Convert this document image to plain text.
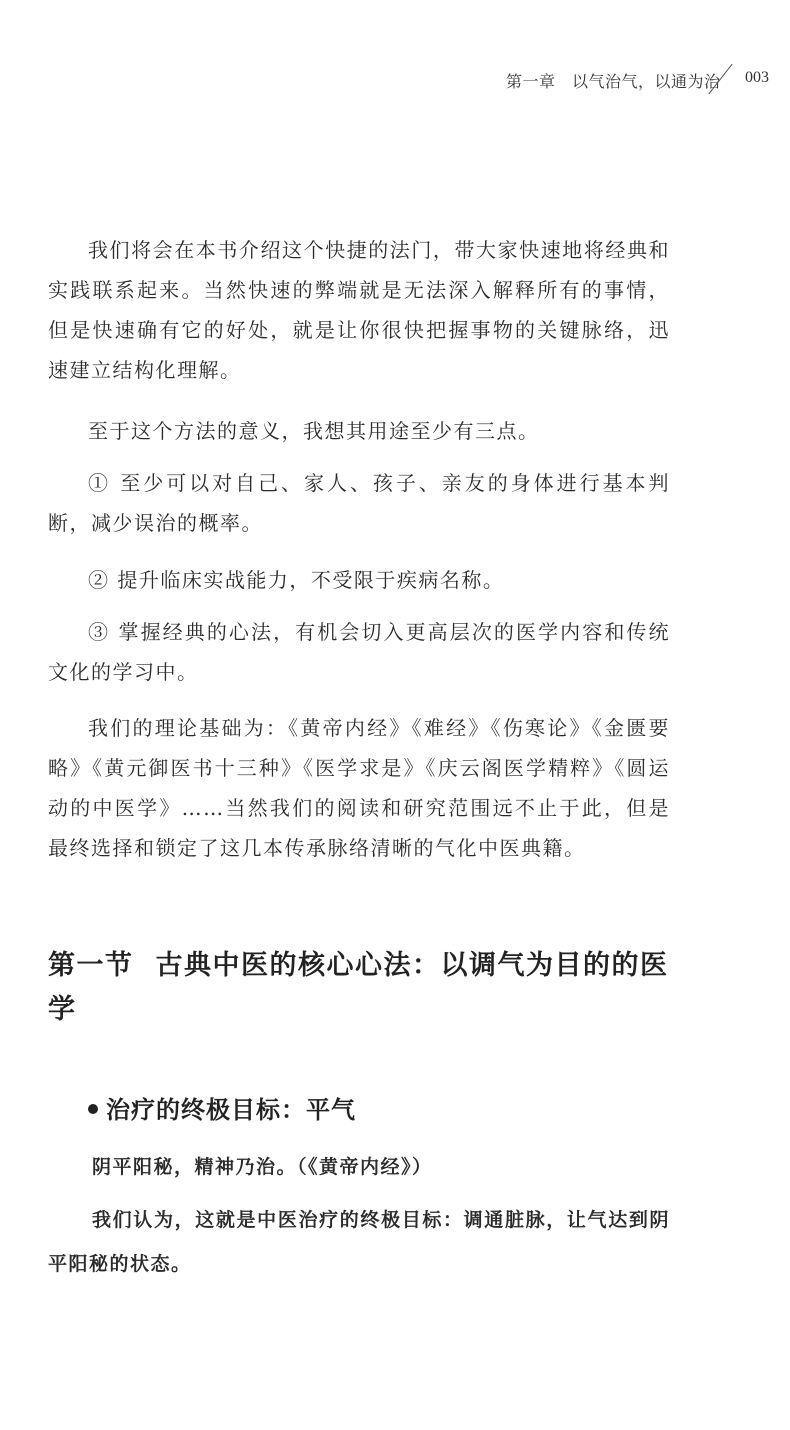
第一章　以气治气，以通为治 003

我们将会在本书介绍这个快捷的法门，带大家快速地将经典和实践联系起来。当然快速的弊端就是无法深入解释所有的事情，但是快速确有它的好处，就是让你很快把握事物的关键脉络，迅速建立结构化理解。

至于这个方法的意义，我想其用途至少有三点。

① 至少可以对自己、家人、孩子、亲友的身体进行基本判断，减少误治的概率。

② 提升临床实战能力，不受限于疾病名称。

③ 掌握经典的心法，有机会切入更高层次的医学内容和传统文化的学习中。

我们的理论基础为：《黄帝内经》《难经》《伤寒论》《金匮要略》《黄元御医书十三种》《医学求是》《庆云阁医学精粹》《圆运动的中医学》……当然我们的阅读和研究范围远不止于此，但是最终选择和锁定了这几本传承脉络清晰的气化中医典籍。

第一节 古典中医的核心心法：以调气为目的的医学
治疗的终极目标：平气

阴平阳秘，精神乃治。（《黄帝内经》）

我们认为，这就是中医治疗的终极目标：调通脏脉，让气达到阴平阳秘的状态。
